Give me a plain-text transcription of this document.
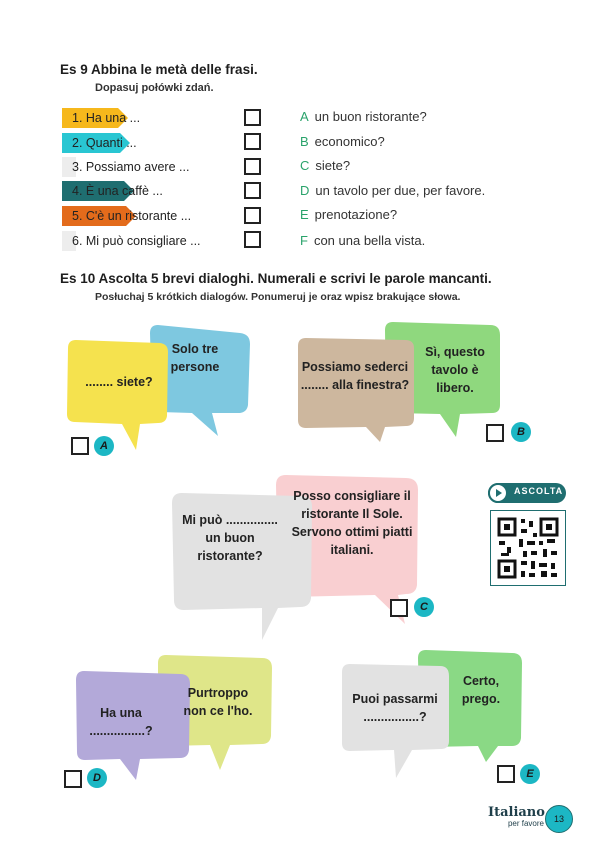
Es 9 Abbina le metà delle frasi.
Dopasuj połówki zdań.
1. Ha una ...
2. Quanti ...
3. Possiamo avere ...
4. È una caffè ...
5. C'è un ristorante ...
6. Mi può consigliare ...
A un buon ristorante?
B economico?
C siete?
D un tavolo per due, per favore.
E prenotazione?
F con una bella vista.
Es 10 Ascolta 5 brevi dialoghi. Numerali e scrivi le parole mancanti.
Posłuchaj 5 krótkich dialogów. Ponumeruj je oraz wpisz brakujące słowa.
........ siete?
Solo tre persone	Possiamo sederci ........ alla finestra?
Sì, questo tavolo è libero.
Mi può ............... un buon ristorante?
Posso consigliare il ristorante Il Sole. Servono ottimi piatti italiani.
Ha una ................?
Purtroppo non ce l'ho.
Puoi passarmi ................?
Certo, prego.
A
B
C
D	E
ASCOLTA
Italiano
per favore	13
